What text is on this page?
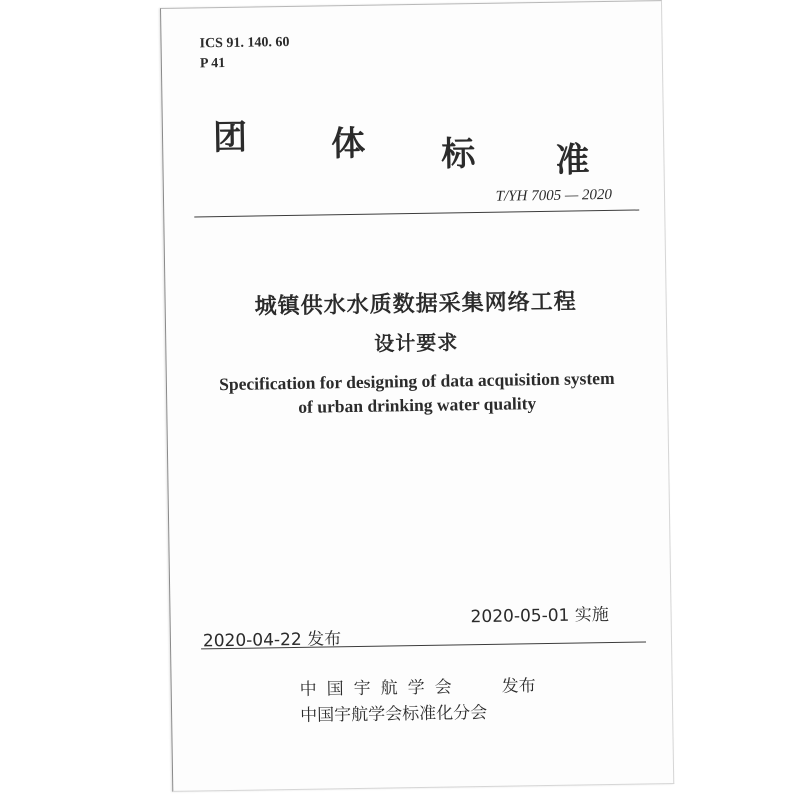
ICS 91. 140. 60
P 41
团 体 标 准
T/YH 7005 — 2020
城镇供水水质数据采集网络工程
设计要求
Specification for designing of data acquisition system
of urban drinking water quality
2020-05-01 实施
2020-04-22 发布
中国宇航学会 发布
中国宇航学会标准化分会
